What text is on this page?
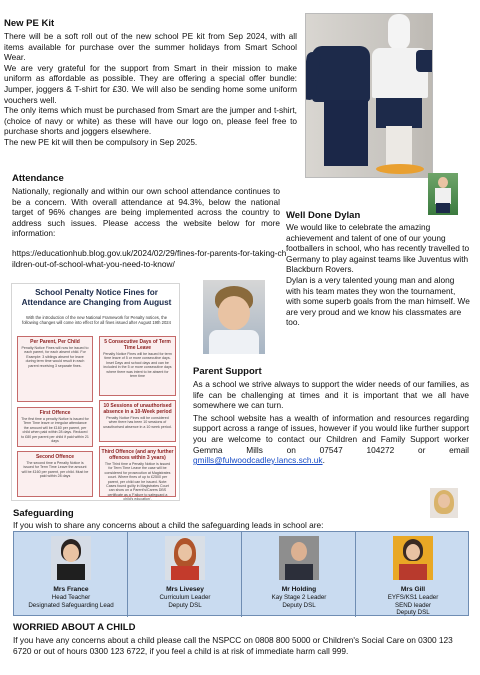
New PE Kit
There will be a soft roll out of the new school PE kit from Sep 2024, with all items available for purchase over the summer holidays from Smart School Wear.
We are very grateful for the support from Smart in their mission to make uniform as affordable as possible. They are offering a special offer bundle: Jumper, joggers & T-shirt for £30. We will also be sending home some uniform vouchers well.
The only items which must be purchased from Smart are the jumper and t-shirt, (choice of navy or white) as these will have our logo on, please feel free to purchase shorts and joggers elsewhere.
The new PE kit will then be compulsory in Sep 2025.
Attendance
Nationally, regionally and within our own school attendance continues to be a concern. With overall attendance at 94.3%, below the national target of 96% changes are being implemented across the country to address such issues. Please access the website below for more information:
https://educationhub.blog.gov.uk/2024/02/29/fines-for-parents-for-taking-children-out-of-school-what-you-need-to-know/
Well Done Dylan
We would like to celebrate the amazing achievement and talent of one of our young footballers in school, who has recently travelled to Germany to play against teams like Juventus with Blackburn Rovers.
Dylan is a very talented young man and along with his team mates they won the tournament, with some superb goals from the man himself. We are very proud and we know his classmates are too.
School Penalty Notice Fines for Attendance are Changing from August
With the introduction of the new National Framework for Penalty notices, the following changes will come into effect for all fines issued after August 19th 2024
Per Parent, Per Child
Penalty Notice Fines will now be issued to each parent, for each absent child. For Example: 3 siblings absent for leave during term time would result in each parent receiving 3 separate fines.
5 Consecutive Days of Term Time Leave
Penalty Notice Fines will be issued for term time leave of 5 or more consecutive days. Inset Days and school days and can be included in the 5 or more consecutive days where there was intent to be absent for term time
First Offence
The first time a penalty Notice is issued for Term Time leave or irregular attendance the amount will be £160 per parent, per child when paid within 28 days. Reduced to £80 per parent per child if paid within 21 days
10 Sessions of unauthorised absence in a 10-Week period
Penalty Notice Fines will be considered when there has been 10 sessions of unauthorised absence in a 10 week period.
Second Offence
The second time a Penalty Notice is issued for Term Time Leave the amount will be £160 per parent, per child. Must be paid within 28 days
Third Offence (and any further offences within 3 years)
The Third time a Penalty Notice is issued for Term Time Leave the case will be considered for prosecution at Magistrates court. Where fines of up to £2500 per parent, per child can be issued. Note: Cases found guilty in Magistrates Court can show on a Parent's/Carers DBS certificate as a 'Failure to safeguard a child's education'.
Parent Support
As a school we strive always to support the wider needs of our families, as life can be challenging at times and it is important that we all have somewhere we can turn.
The school website has a wealth of information and resources regarding support across a range of issues, however if you would like further support you are welcome to contact our Children and Family Support worker Gemma Mills on 07547 104272 or email gmills@fulwoodcadley.lancs.sch.uk.
Safeguarding
If you wish to share any concerns about a child the safeguarding leads in school are:
Mrs France
Head Teacher
Designated Safeguarding Lead
Mrs Livesey
Curriculum Leader
Deputy DSL
Mr Holding
Kay Stage 2 Leader
Deputy DSL
Mrs Gill
EYFS/KS1 Leader
SEND leader
Deputy DSL
WORRIED ABOUT A CHILD
If you have any concerns about a child please call the NSPCC on 0808 800 5000 or Children's Social Care on 0300 123 6720 or out of hours 0300 123 6722, if you feel a child is at risk of immediate harm call 999.
